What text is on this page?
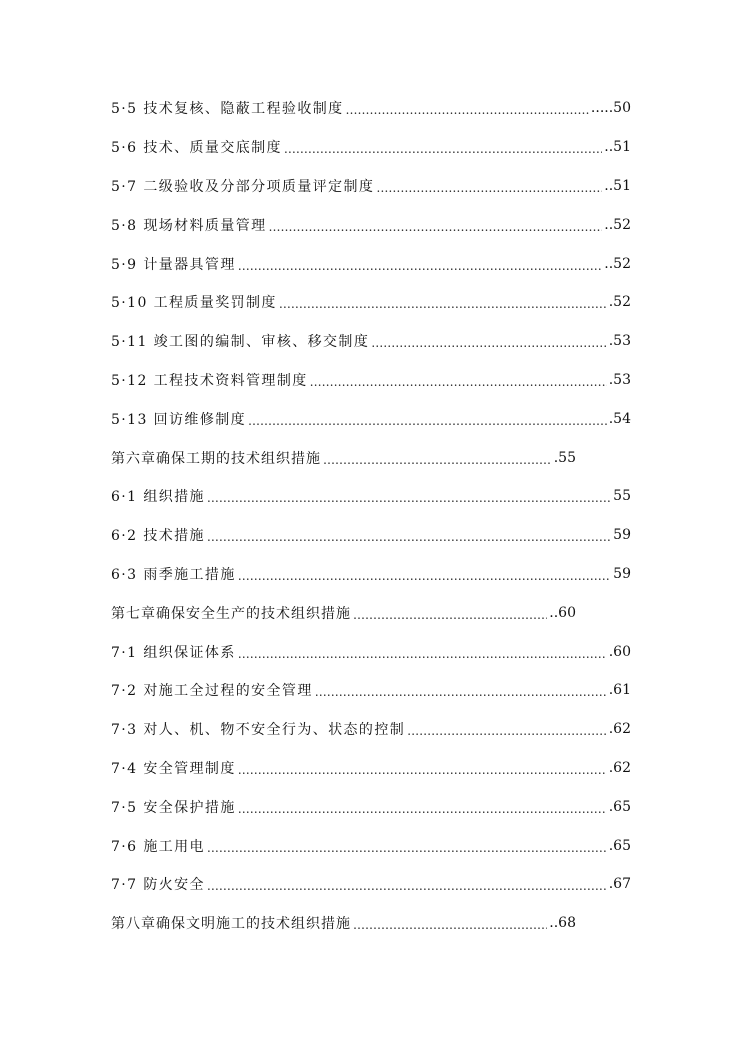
5·5 技术复核、隐蔽工程验收制度 …………………………………………………………………………………………………………………………………………………………………………	.....50
5·6 技术、质量交底制度 …………………………………………………………………………………………………………………………………………………………………………	..51
5·7 二级验收及分部分项质量评定制度 …………………………………………………………………………………………………………………………………………………………………………	..51
5·8 现场材料质量管理 …………………………………………………………………………………………………………………………………………………………………………	..52
5·9 计量器具管理 …………………………………………………………………………………………………………………………………………………………………………	..52
5·10 工程质量奖罚制度 …………………………………………………………………………………………………………………………………………………………………………	.52
5·11 竣工图的编制、审核、移交制度 …………………………………………………………………………………………………………………………………………………………………………	.53
5·12 工程技术资料管理制度 …………………………………………………………………………………………………………………………………………………………………………	.53
5·13 回访维修制度 …………………………………………………………………………………………………………………………………………………………………………	.54
第六章确保工期的技术组织措施 …………………………………………………………………………………………………………………………………………………………………………	.55
6·1 组织措施 …………………………………………………………………………………………………………………………………………………………………………	55
6·2 技术措施 …………………………………………………………………………………………………………………………………………………………………………	59
6·3 雨季施工措施 …………………………………………………………………………………………………………………………………………………………………………	59
第七章确保安全生产的技术组织措施 …………………………………………………………………………………………………………………………………………………………………………	..60
7·1 组织保证体系 …………………………………………………………………………………………………………………………………………………………………………	.60
7·2 对施工全过程的安全管理 …………………………………………………………………………………………………………………………………………………………………………	.61
7·3 对人、机、物不安全行为、状态的控制 …………………………………………………………………………………………………………………………………………………………………………	.62
7·4 安全管理制度 …………………………………………………………………………………………………………………………………………………………………………	.62
7·5 安全保护措施 …………………………………………………………………………………………………………………………………………………………………………	.65
7·6 施工用电 …………………………………………………………………………………………………………………………………………………………………………	.65
7·7 防火安全 …………………………………………………………………………………………………………………………………………………………………………	.67
第八章确保文明施工的技术组织措施 …………………………………………………………………………………………………………………………………………………………………………	..68
